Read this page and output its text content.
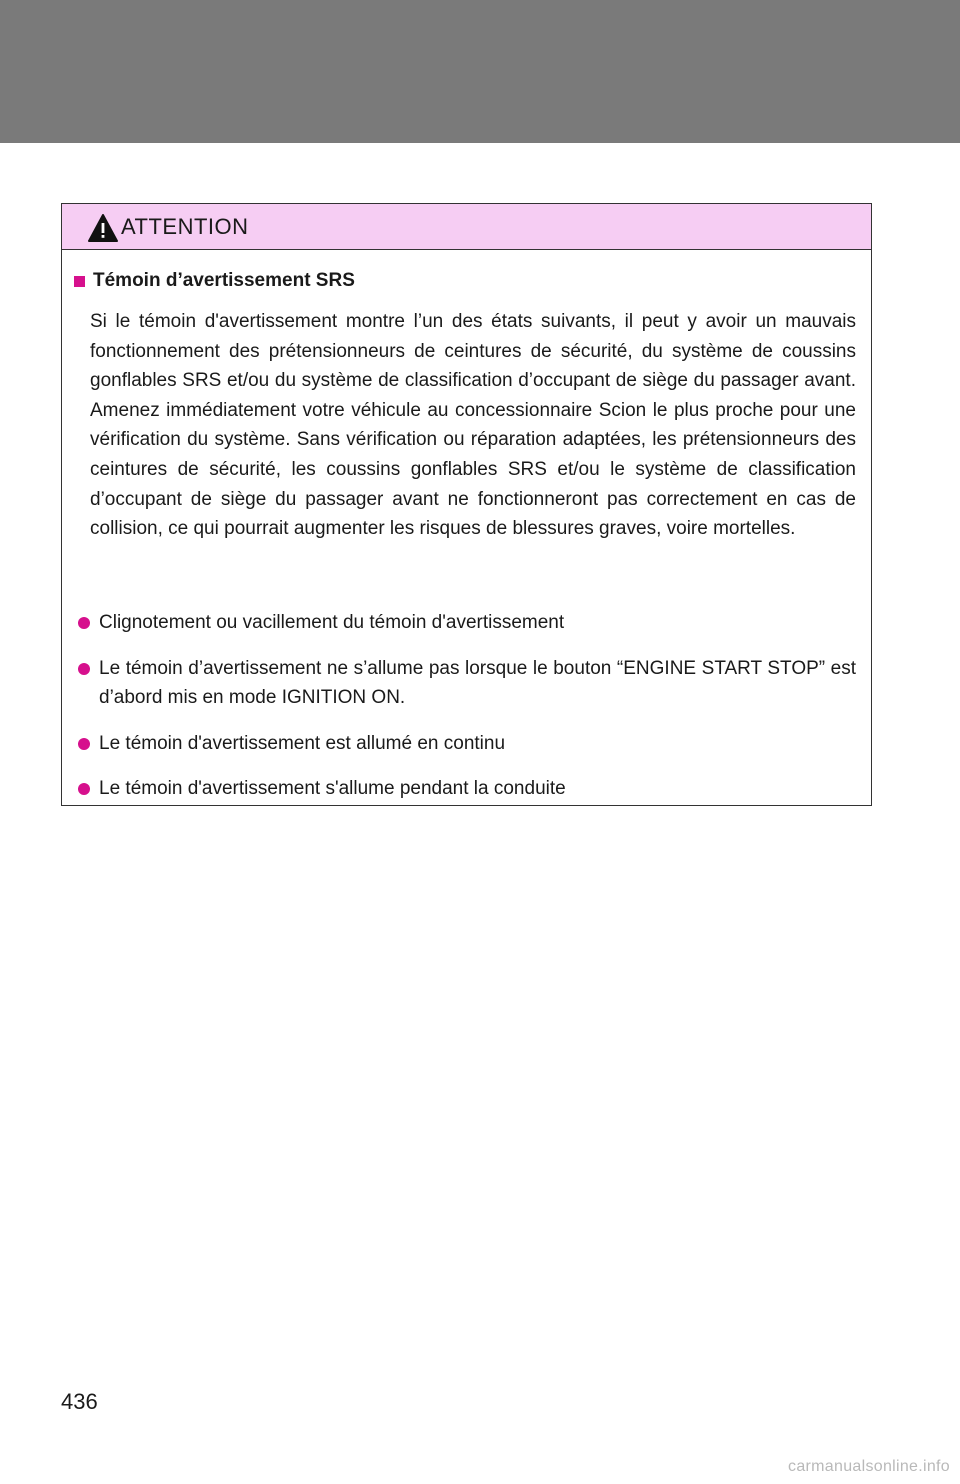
ATTENTION
Témoin d’avertissement SRS
Si le témoin d'avertissement montre l’un des états suivants, il peut y avoir un mauvais fonctionnement des prétensionneurs de ceintures de sécurité, du système de coussins gonflables SRS et/ou du système de classification d’occupant de siège du passager avant. Amenez immédiatement votre véhicule au concessionnaire Scion le plus proche pour une vérification du système. Sans vérification ou réparation adaptées, les prétensionneurs des ceintures de sécurité, les coussins gonflables SRS et/ou le système de classification d’occupant de siège du passager avant ne fonctionneront pas correctement en cas de collision, ce qui pourrait augmenter les risques de blessures graves, voire mortelles.
Clignotement ou vacillement du témoin d'avertissement
Le témoin d’avertissement ne s’allume pas lorsque le bouton “ENGINE START STOP” est d’abord mis en mode IGNITION ON.
Le témoin d'avertissement est allumé en continu
Le témoin d'avertissement s'allume pendant la conduite
436
carmanualsonline.info
